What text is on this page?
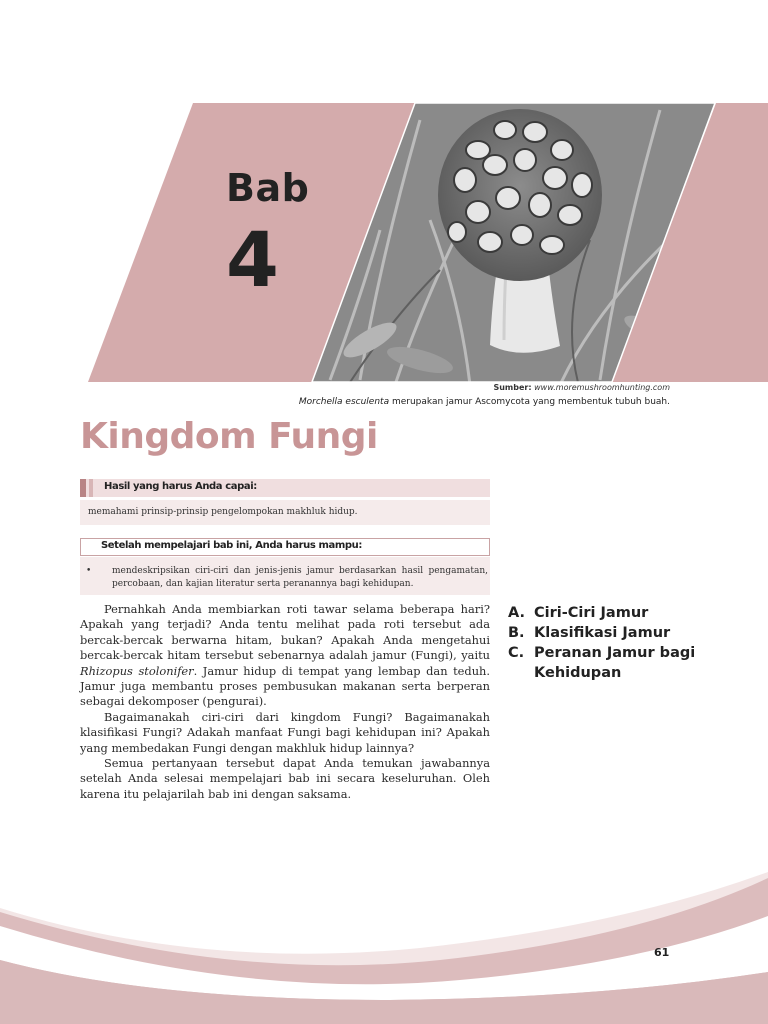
Bab
4
Sumber: www.moremushroomhunting.com
Morchella esculenta merupakan jamur Ascomycota yang membentuk tubuh buah.
Kingdom Fungi
Hasil yang harus Anda capai:
memahami prinsip-prinsip pengelompokan makhluk hidup.
Setelah mempelajari bab ini, Anda harus mampu:
• mendeskripsikan ciri-ciri dan jenis-jenis jamur berdasarkan hasil pengamatan, percobaan, dan kajian literatur serta peranannya bagi kehidupan.

Pernahkah Anda membiarkan roti tawar selama beberapa hari? Apakah yang terjadi? Anda tentu melihat pada roti tersebut ada bercak-bercak berwarna hitam, bukan? Apakah Anda mengetahui bercak-bercak hitam tersebut sebenarnya adalah jamur (Fungi), yaitu Rhizopus stolonifer. Jamur hidup di tempat yang lembap dan teduh. Jamur juga membantu proses pembusukan makanan serta berperan sebagai dekomposer (pengurai).

Bagaimanakah ciri-ciri dari kingdom Fungi? Bagaimanakah klasifikasi Fungi? Adakah manfaat Fungi bagi kehidupan ini? Apakah yang membedakan Fungi dengan makhluk hidup lainnya?

Semua pertanyaan tersebut dapat Anda temukan jawabannya setelah Anda selesai mempelajari bab ini secara keseluruhan. Oleh karena itu pelajarilah bab ini dengan saksama.

A. Ciri-Ciri Jamur
B. Klasifikasi Jamur
C. Peranan Jamur bagi Kehidupan
61
